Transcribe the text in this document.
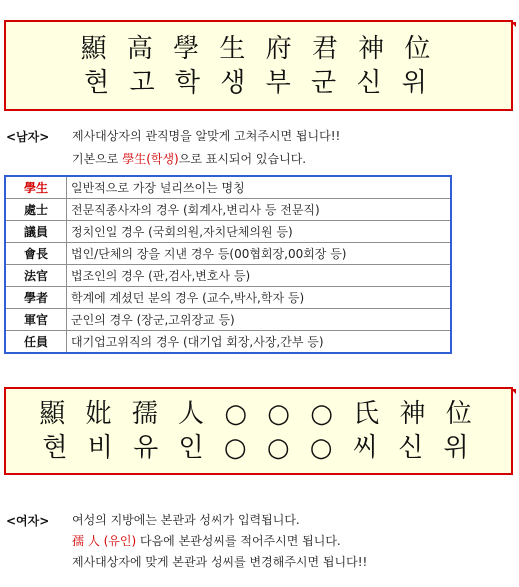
顯 高 學 生 府 君 神 位
현 고 학 생 부 군 신 위
<남자> 제사대상자의 관직명을 알맞게 고쳐주시면 됩니다!!
기본으로 學生(학생)으로 표시되어 있습니다.
學生	일반적으로 가장 널리쓰이는 명칭
處士	전문직종사자의 경우 (회계사,변리사 등 전문직)
議員	정치인일 경우 (국회의원,자치단체의원 등)
會長	법인/단체의 장을 지낸 경우 등(00협회장,00회장 등)
法官	법조인의 경우 (판,검사,변호사 등)
學者	학계에 계셨던 분의 경우 (교수,박사,학자 등)
軍官	군인의 경우 (장군,고위장교 등)
任員	대기업고위직의 경우 (대기업 회장,사장,간부 등)
顯 妣 孺 人 ○ ○ ○ 氏 神 位
현 비 유 인 ○ ○ ○ 씨 신 위
<여자> 여성의 지방에는 본관과 성씨가 입력됩니다.
孺 人 (유인) 다음에 본관성씨를 적어주시면 됩니다.
제사대상자에 맞게 본관과 성씨를 변경해주시면 됩니다!!
